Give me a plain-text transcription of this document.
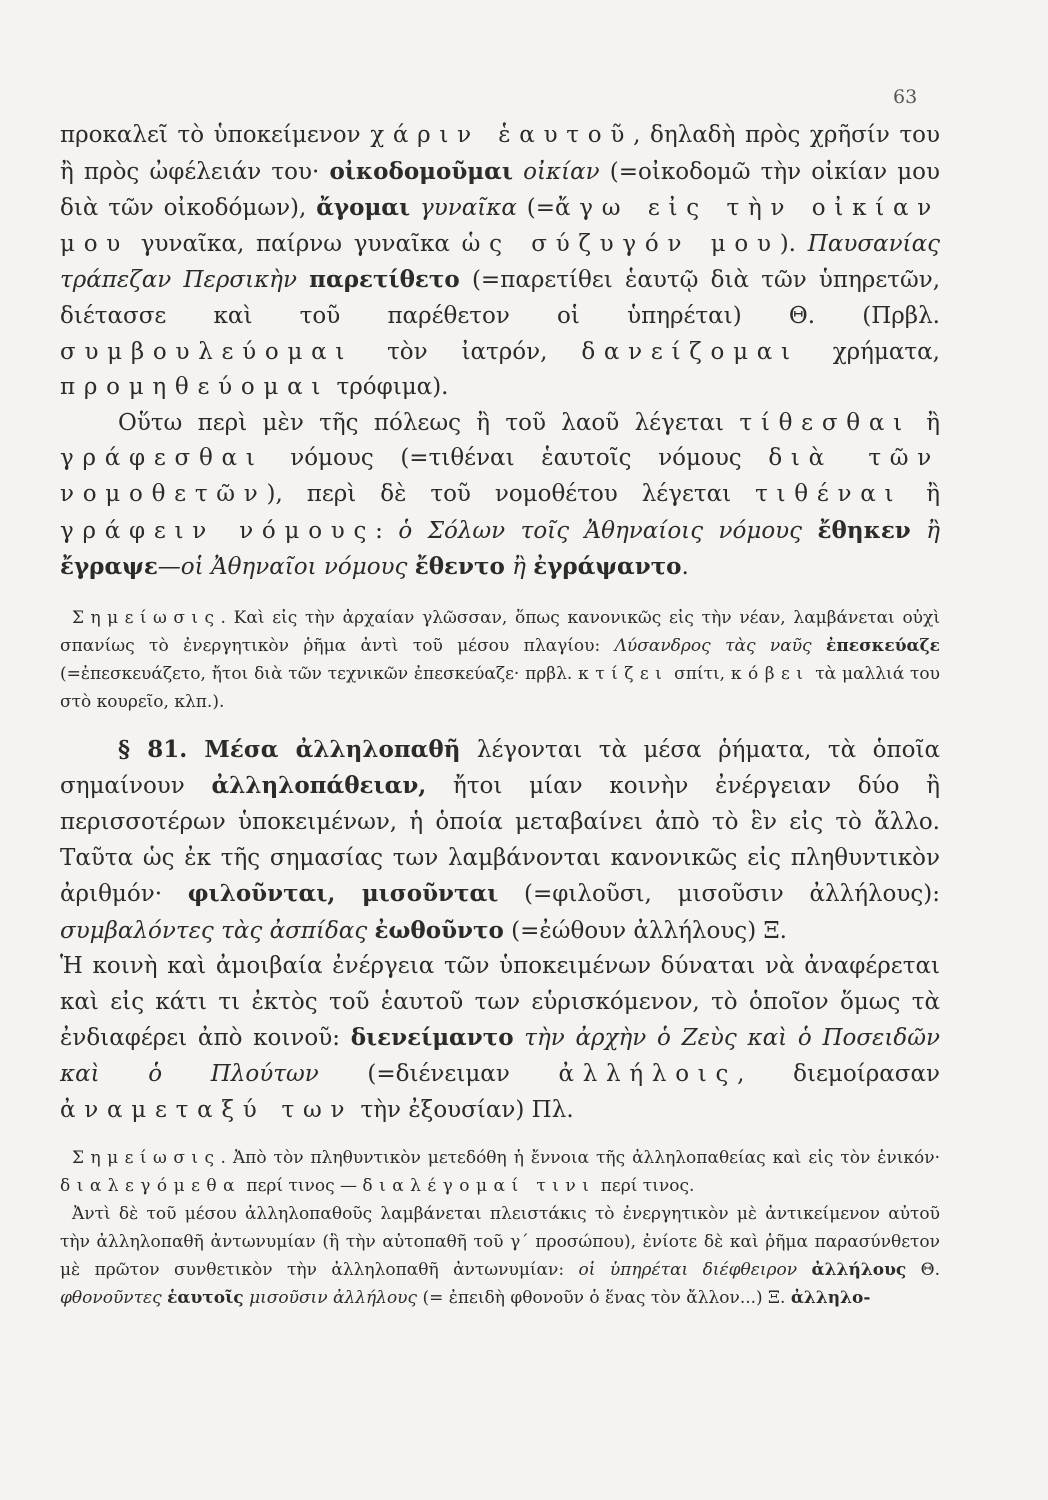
63

προκαλεῖ τὸ ὑποκείμενον χάριν ἑαυτοῦ, δηλαδὴ πρὸς χρῆσίν του ἢ πρὸς ὠφέλειάν του· οἰκοδομοῦμαι οἰκίαν (=οἰκοδομῶ τὴν οἰκίαν μου διὰ τῶν οἰκοδόμων), ἄγομαι γυναῖκα (=ἄγω εἰς τὴν οἰκίαν μου γυναῖκα, παίρνω γυναῖκα ὡς σύζυγόν μου). Παυσανίας τράπεζαν Περσικὴν παρετίθετο (=παρετίθει ἑαυτῷ διὰ τῶν ὑπηρετῶν, διέτασσε καὶ τοῦ παρέθετον οἱ ὑπηρέται) Θ. (Πρβλ. συμβουλεύομαι τὸν ἰατρόν, δανείζομαι χρήματα, προμηθεύομαι τρόφιμα).

Οὕτω περὶ μὲν τῆς πόλεως ἢ τοῦ λαοῦ λέγεται τίθεσθαι ἢ γράφεσθαι νόμους (=τιθέναι ἑαυτοῖς νόμους διὰ τῶν νομοθετῶν), περὶ δὲ τοῦ νομοθέτου λέγεται τιθέναι ἢ γράφειν νόμους: ὁ Σόλων τοῖς Ἀθηναίοις νόμους ἔθηκεν ἢ ἔγραψε—οἱ Ἀθηναῖοι νόμους ἔθεντο ἢ ἐγράψαντο.

Σημείωσις. Καὶ εἰς τὴν ἀρχαίαν γλῶσσαν, ὅπως κανονικῶς εἰς τὴν νέαν, λαμβάνεται οὐχὶ σπανίως τὸ ἐνεργητικὸν ῥῆμα ἀντὶ τοῦ μέσου πλαγίου: Λύσανδρος τὰς ναῦς ἐπεσκεύαζε (=ἐπεσκευάζετο, ἤτοι διὰ τῶν τεχνικῶν ἐπεσκεύαζε· πρβλ. κτίζει σπίτι, κόβει τὰ μαλλιά του στὸ κουρεῖο, κλπ.).

§ 81. Μέσα ἀλληλοπαθῆ λέγονται τὰ μέσα ῥήματα, τὰ ὁποῖα σημαίνουν ἀλληλοπάθειαν, ἤτοι μίαν κοινὴν ἐνέργειαν δύο ἢ περισσοτέρων ὑποκειμένων, ἡ ὁποία μεταβαίνει ἀπὸ τὸ ἓν εἰς τὸ ἄλλο. Ταῦτα ὡς ἐκ τῆς σημασίας των λαμβάνονται κανονικῶς εἰς πληθυντικὸν ἀριθμόν· φιλοῦνται, μισοῦνται (=φιλοῦσι, μισοῦσιν ἀλλήλους): συμβαλόντες τὰς ἀσπίδας ἐωθοῦντο (=ἐώθουν ἀλλήλους) Ξ.

Ἡ κοινὴ καὶ ἀμοιβαία ἐνέργεια τῶν ὑποκειμένων δύναται νὰ ἀναφέρεται καὶ εἰς κάτι τι ἐκτὸς τοῦ ἑαυτοῦ των εὑρισκόμενον, τὸ ὁποῖον ὅμως τὰ ἐνδιαφέρει ἀπὸ κοινοῦ: διενείμαντο τὴν ἀρχὴν ὁ Ζεὺς καὶ ὁ Ποσειδῶν καὶ ὁ Πλούτων (=διένειμαν ἀλλήλοις, διεμοίρασαν ἀναμεταξύ των τὴν ἐξουσίαν) Πλ.

Σημείωσις. Ἀπὸ τὸν πληθυντικὸν μετεδόθη ἡ ἔννοια τῆς ἀλληλοπαθείας καὶ εἰς τὸν ἑνικόν· διαλεγόμεθα περί τινος — διαλέγομαί τινι περί τινος.

Ἀντὶ δὲ τοῦ μέσου ἀλληλοπαθοῦς λαμβάνεται πλειστάκις τὸ ἐνεργητικὸν μὲ ἀντικείμενον αὐτοῦ τὴν ἀλληλοπαθῆ ἀντωνυμίαν (ἢ τὴν αὐτοπαθῆ τοῦ γ΄ προσώπου), ἐνίοτε δὲ καὶ ῥῆμα παρασύνθετον μὲ πρῶτον συνθετικὸν τὴν ἀλληλοπαθῆ ἀντωνυμίαν: οἱ ὑπηρέται διέφθειρον ἀλλήλους Θ. φθονοῦντες ἑαυτοῖς μισοῦσιν ἀλλήλους (= ἐπειδὴ φθονοῦν ὁ ἕνας τὸν ἄλλον...) Ξ. ἀλληλο-
